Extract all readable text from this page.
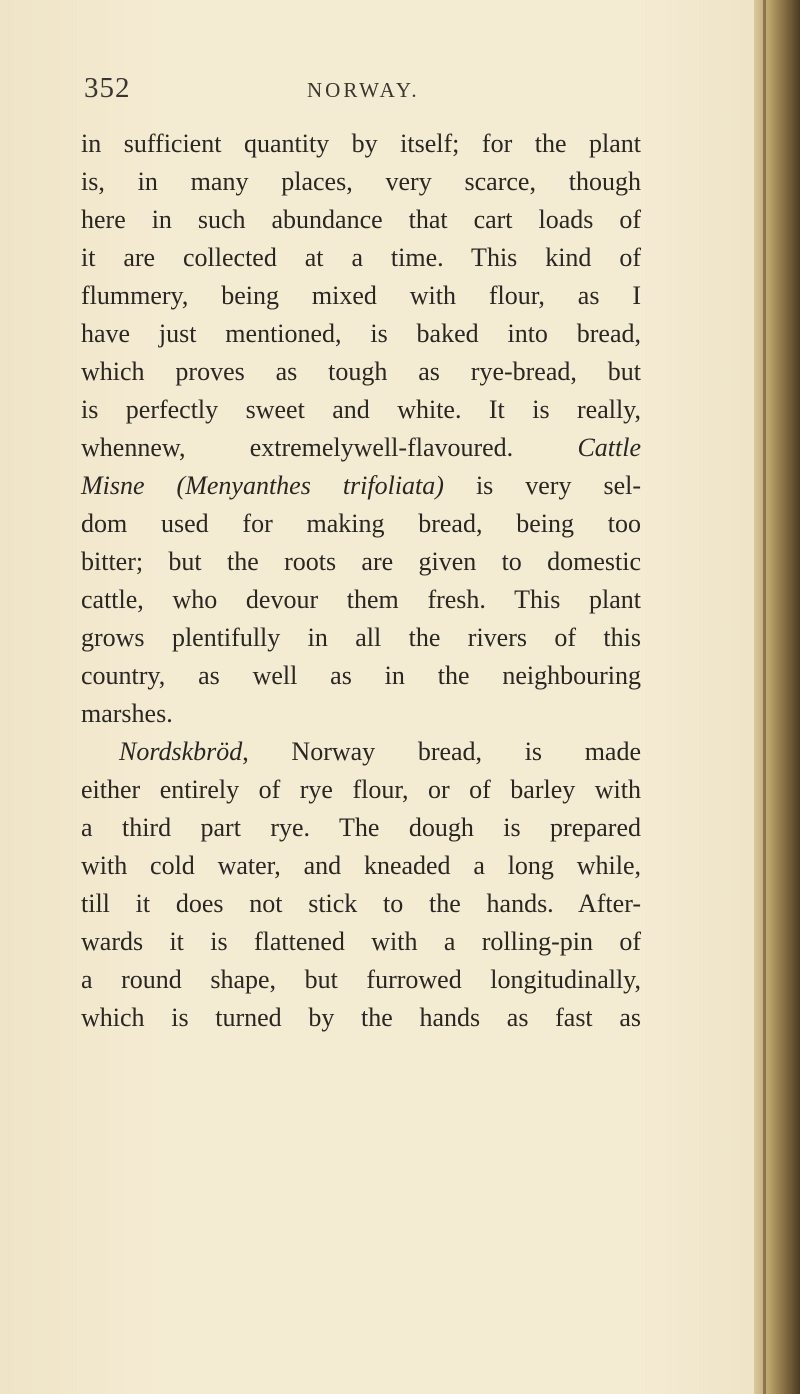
352	NORWAY.
in sufficient quantity by itself; for the plant
is, in many places, very scarce, though
here in such abundance that cart loads of
it are collected at a time. This kind of
flummery, being mixed with flour, as I
have just mentioned, is baked into bread,
which proves as tough as rye-bread, but
is perfectly sweet and white. It is really,
whennew, extremelywell-flavoured. Cattle
Misne (Menyanthes trifoliata) is very sel-
dom used for making bread, being too
bitter; but the roots are given to domestic
cattle, who devour them fresh. This plant
grows plentifully in all the rivers of this
country, as well as in the neighbouring
marshes.
Nordskbröd, Norway bread, is made
either entirely of rye flour, or of barley with
a third part rye. The dough is prepared
with cold water, and kneaded a long while,
till it does not stick to the hands. After-
wards it is flattened with a rolling-pin of
a round shape, but furrowed longitudinally,
which is turned by the hands as fast as
